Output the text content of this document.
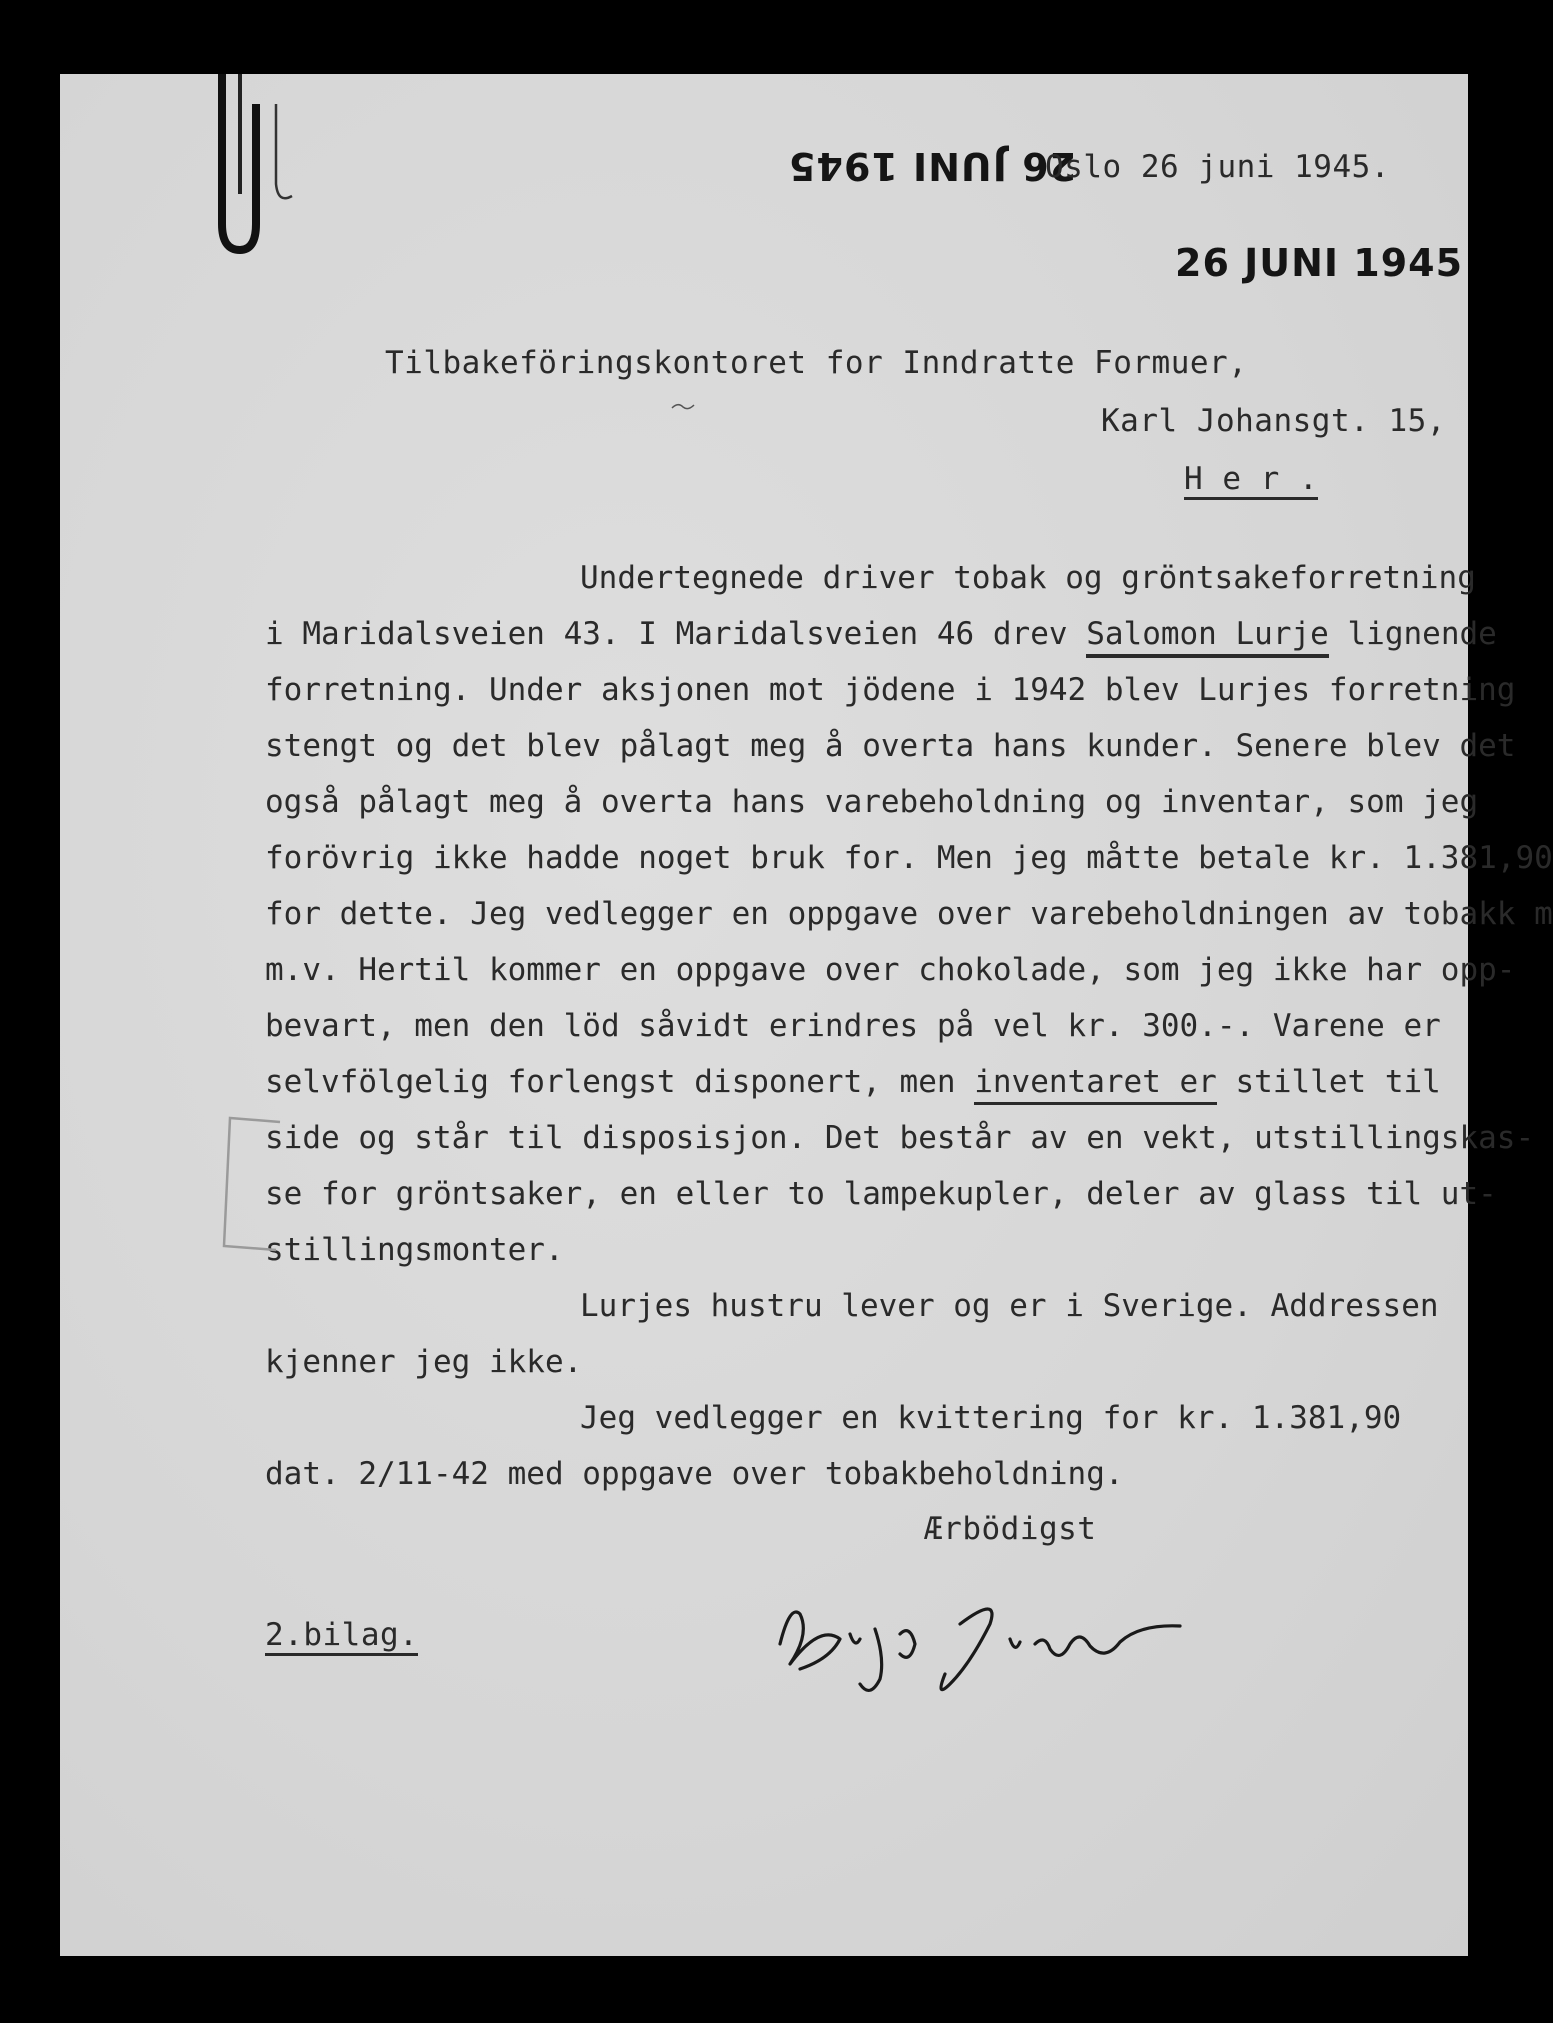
26 JUNI 1945
Oslo 26 juni 1945.
26 JUNI 1945
Tilbakeföringskontoret for Inndratte Formuer,
Karl Johansgt. 15,
H e r .
Undertegnede driver tobak og gröntsakeforretning
i Maridalsveien 43. I Maridalsveien 46 drev Salomon Lurje lignende
forretning. Under aksjonen mot jödene i 1942 blev Lurjes forretning
stengt og det blev pålagt meg å overta hans kunder. Senere blev det
også pålagt meg å overta hans varebeholdning og inventar, som jeg
forövrig ikke hadde noget bruk for. Men jeg måtte betale kr. 1.381,90
for dette. Jeg vedlegger en oppgave over varebeholdningen av tobakk m
m.v. Hertil kommer en oppgave over chokolade, som jeg ikke har opp-
bevart, men den löd såvidt erindres på vel kr. 300.-. Varene er
selvfölgelig forlengst disponert, men inventaret er stillet til
side og står til disposisjon. Det består av en vekt, utstillingskas-
se for gröntsaker, en eller to lampekupler, deler av glass til ut-
stillingsmonter.
Lurjes hustru lever og er i Sverige. Addressen
kjenner jeg ikke.
Jeg vedlegger en kvittering for kr. 1.381,90
dat. 2/11-42 med oppgave over tobakbeholdning.
Ærbödigst
2.bilag.
